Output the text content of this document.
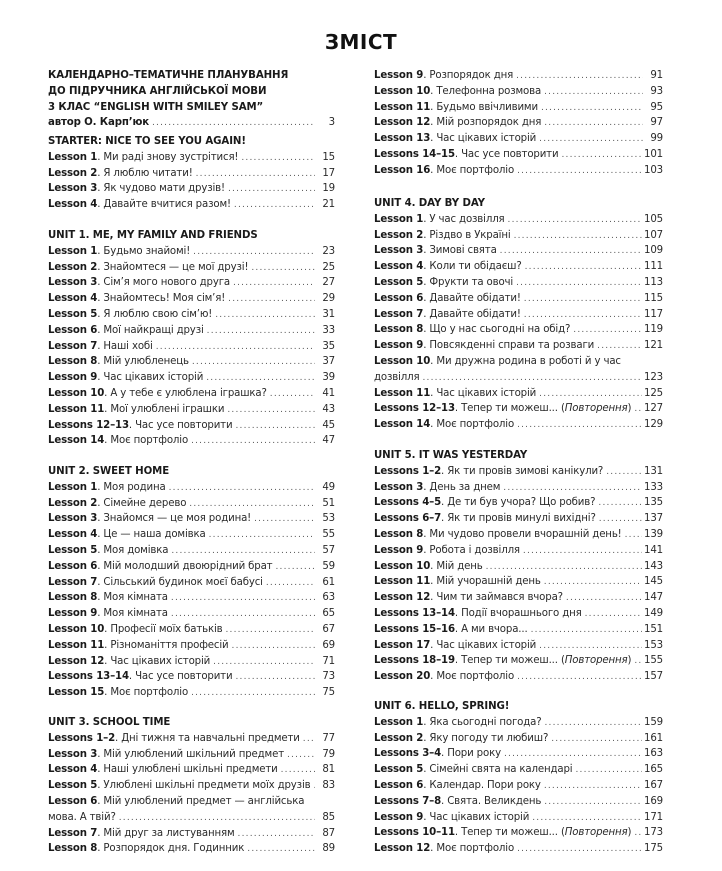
ЗМІСТ
КАЛЕНДАРНО–ТЕМАТИЧНЕ ПЛАНУВАННЯ
ДО ПІДРУЧНИКА АНГЛІЙСЬКОЇ МОВИ
3 КЛАС “ENGLISH WITH SMILEY SAM”
автор О. Карп’юк .....	3
STARTER: NICE TO SEE YOU AGAIN!
Lesson 1 . Ми раді знову зустрітися! .....	15
Lesson 2 . Я люблю читати! .....	17
Lesson 3 . Як чудово мати друзів! .....	19
Lesson 4 . Давайте вчитися разом! .....	21
UNIT 1. ME, MY FAMILY AND FRIENDS
Lesson 1 . Будьмо знайомі! .....	23
Lesson 2 . Знайомтеся — це мої друзі! .....	25
Lesson 3 . Сім’я мого нового друга .....	27
Lesson 4 . Знайомтесь! Моя сім’я! .....	29
Lesson 5 . Я люблю свою сім’ю! .....	31
Lesson 6 . Мої найкращі друзі .....	33
Lesson 7 . Наші хобі .....	35
Lesson 8 . Мій улюбленець .....	37
Lesson 9 . Час цікавих історій .....	39
Lesson 10 . А у тебе є улюблена іграшка? .....	41
Lesson 11 . Мої улюблені іграшки .....	43
Lessons 12–13 . Час усе повторити .....	45
Lesson 14 . Моє портфоліо .....	47
UNIT 2. SWEET HOME
Lesson 1 . Моя родина .....	49
Lesson 2 . Сімейне дерево .....	51
Lesson 3 . Знайомся — це моя родина! .....	53
Lesson 4 . Це — наша домівка .....	55
Lesson 5 . Моя домівка .....	57
Lesson 6 . Мій молодший двоюрідний брат .....	59
Lesson 7 . Сільський будинок моєї бабусі .....	61
Lesson 8 . Моя кімната .....	63
Lesson 9 . Моя кімната .....	65
Lesson 10 . Професії моїх батьків .....	67
Lesson 11 . Різноманіття професій .....	69
Lesson 12 . Час цікавих історій .....	71
Lessons 13–14 . Час усе повторити .....	73
Lesson 15 . Моє портфоліо .....	75
UNIT 3. SCHOOL TIME
Lessons 1–2 . Дні тижня та навчальні предмети .....	77
Lesson 3 . Мій улюблений шкільний предмет .....	79
Lesson 4 . Наші улюблені шкільні предмети .....	81
Lesson 5 . Улюблені шкільні предмети моїх друзів .....	83
Lesson 6 . Мій улюблений предмет — англійська
мова. А твій? .....	85
Lesson 7 . Мій друг за листуванням .....	87
Lesson 8 . Розпорядок дня. Годинник .....	89
Lesson 9 . Розпорядок дня .....	91
Lesson 10 . Телефонна розмова .....	93
Lesson 11 . Будьмо ввічливими .....	95
Lesson 12 . Мій розпорядок дня .....	97
Lesson 13 . Час цікавих історій .....	99
Lessons 14–15 . Час усе повторити .....	101
Lesson 16 . Моє портфоліо .....	103
UNIT 4. DAY BY DAY
Lesson 1 . У час дозвілля .....	105
Lesson 2 . Різдво в Україні .....	107
Lesson 3 . Зимові свята .....	109
Lesson 4 . Коли ти обідаєш? .....	111
Lesson 5 . Фрукти та овочі .....	113
Lesson 6 . Давайте обідати! .....	115
Lesson 7 . Давайте обідати! .....	117
Lesson 8 . Що у нас сьогодні на обід? .....	119
Lesson 9 . Повсякденні справи та розваги .....	121
Lesson 10 . Ми дружна родина в роботі й у час
дозвілля .....	123
Lesson 11 . Час цікавих історій .....	125
Lessons 12–13 . Тепер ти можеш... ( Повторення ) ..... 127
Lesson 14 . Моє портфоліо .....	129
UNIT 5. IT WAS YESTERDAY
Lessons 1–2 . Як ти провів зимові канікули? .....	131
Lesson 3 . День за днем .....	133
Lessons 4–5 . Де ти був учора? Що робив? .....	135
Lessons 6–7 . Як ти провів минулі вихідні? .....	137
Lesson 8 . Ми чудово провели вчорашній день! ..... 139
Lesson 9 . Робота і дозвілля .....	141
Lesson 10 . Мій день .....	143
Lesson 11 . Мій учорашній день .....	145
Lesson 12 . Чим ти займався вчора? .....	147
Lessons 13–14 . Події вчорашнього дня .....	149
Lessons 15–16 . А ми вчора... .....	151
Lesson 17 . Час цікавих історій .....	153
Lessons 18–19 . Тепер ти можеш... ( Повторення ) ..... 155
Lesson 20 . Моє портфоліо .....	157
UNIT 6. HELLO, SPRING!
Lesson 1 . Яка сьогодні погода? .....	159
Lesson 2 . Яку погоду ти любиш? .....	161
Lessons 3–4 . Пори року .....	163
Lesson 5 . Сімейні свята на календарі .....	165
Lesson 6 . Календар. Пори року .....	167
Lessons 7–8 . Свята. Великдень .....	169
Lesson 9 . Час цікавих історій .....	171
Lessons 10–11 . Тепер ти можеш... ( Повторення ) ..... 173
Lesson 12 . Моє портфоліо .....	175
